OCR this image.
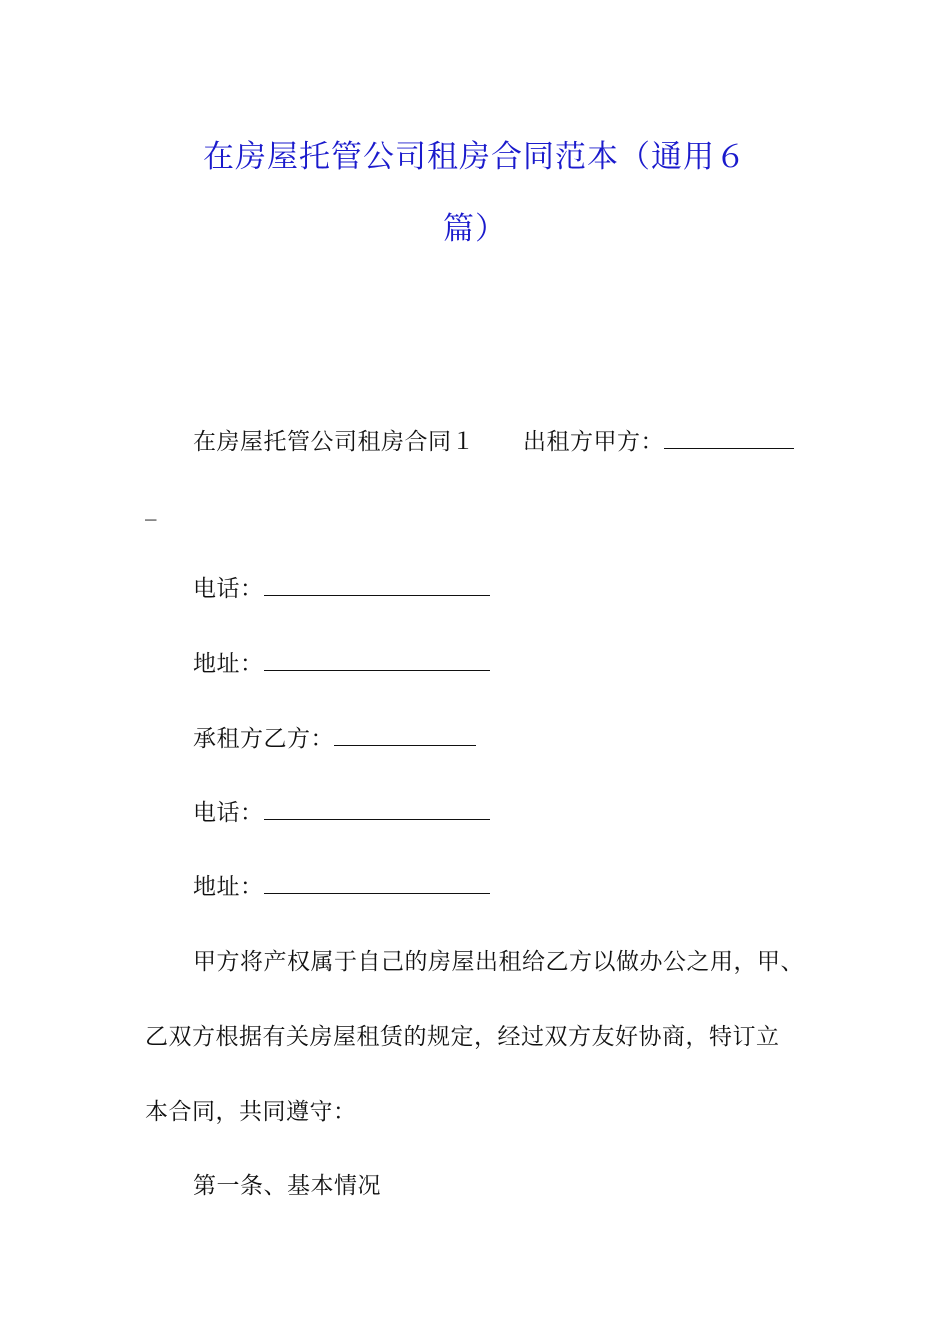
在房屋托管公司租房合同范本（通用６
篇）
在房屋托管公司租房合同１ 出租方甲方：
_
电话：
地址：
承租方乙方：
电话：
地址：
甲方将产权属于自己的房屋出租给乙方以做办公之用，甲、
乙双方根据有关房屋租赁的规定，经过双方友好协商，特订立
本合同，共同遵守：
第一条、基本情况
